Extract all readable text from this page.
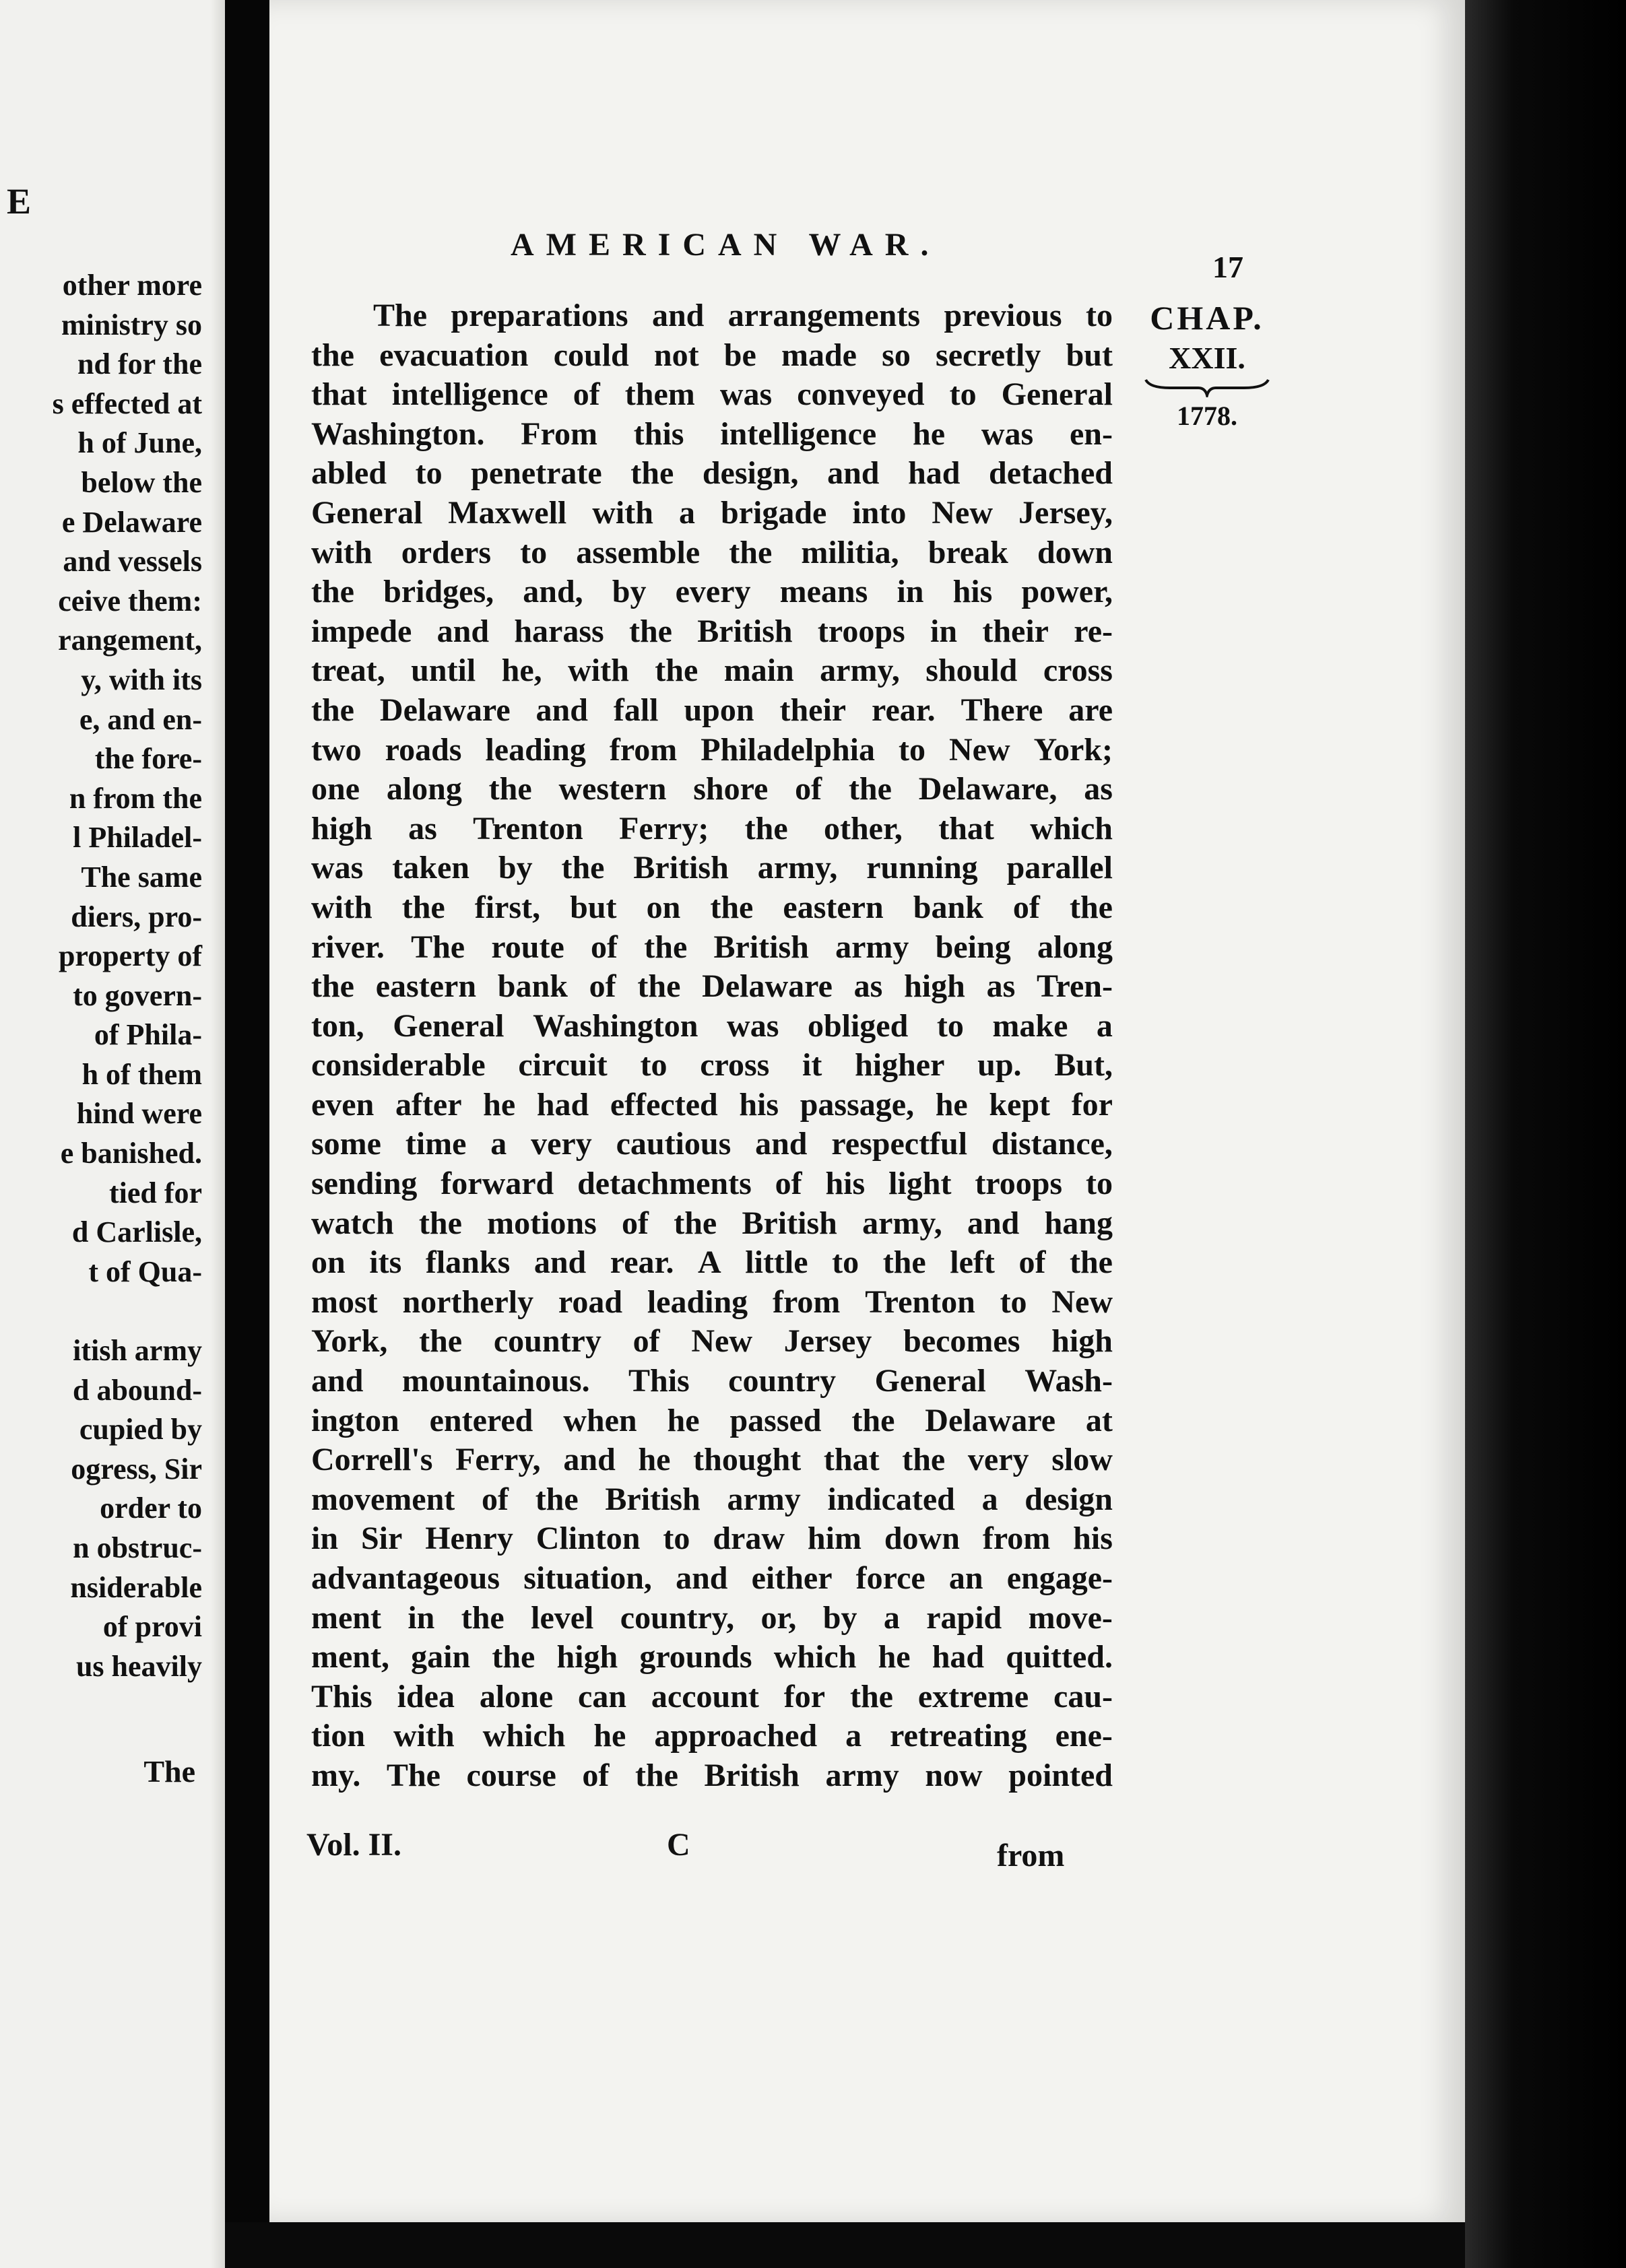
E
other more
ministry so
nd for the
s effected at
h of June,
below the
e Delaware
and vessels
ceive them:
rangement,
y, with its
e, and en-
the fore-
n from the
l Philadel-
The same
diers, pro-
property of
to govern-
of Phila-
h of them
hind were
e banished.
tied for
d Carlisle,
t of Qua-

itish army
d abound-
cupied by
ogress, Sir
order to
n obstruc-
nsiderable
of provi
us heavily
The
AMERICAN WAR.
17
CHAP.
XXII.
1778.
The preparations and arrangements previous to
the evacuation could not be made so secretly but
that intelligence of them was conveyed to General
Washington. From this intelligence he was en-
abled to penetrate the design, and had detached
General Maxwell with a brigade into New Jersey,
with orders to assemble the militia, break down
the bridges, and, by every means in his power,
impede and harass the British troops in their re-
treat, until he, with the main army, should cross
the Delaware and fall upon their rear. There are
two roads leading from Philadelphia to New York;
one along the western shore of the Delaware, as
high as Trenton Ferry; the other, that which
was taken by the British army, running parallel
with the first, but on the eastern bank of the
river. The route of the British army being along
the eastern bank of the Delaware as high as Tren-
ton, General Washington was obliged to make a
considerable circuit to cross it higher up. But,
even after he had effected his passage, he kept for
some time a very cautious and respectful distance,
sending forward detachments of his light troops to
watch the motions of the British army, and hang
on its flanks and rear. A little to the left of the
most northerly road leading from Trenton to New
York, the country of New Jersey becomes high
and mountainous. This country General Wash-
ington entered when he passed the Delaware at
Correll's Ferry, and he thought that the very slow
movement of the British army indicated a design
in Sir Henry Clinton to draw him down from his
advantageous situation, and either force an engage-
ment in the level country, or, by a rapid move-
ment, gain the high grounds which he had quitted.
This idea alone can account for the extreme cau-
tion with which he approached a retreating ene-
my. The course of the British army now pointed
Vol. II.	C	from
